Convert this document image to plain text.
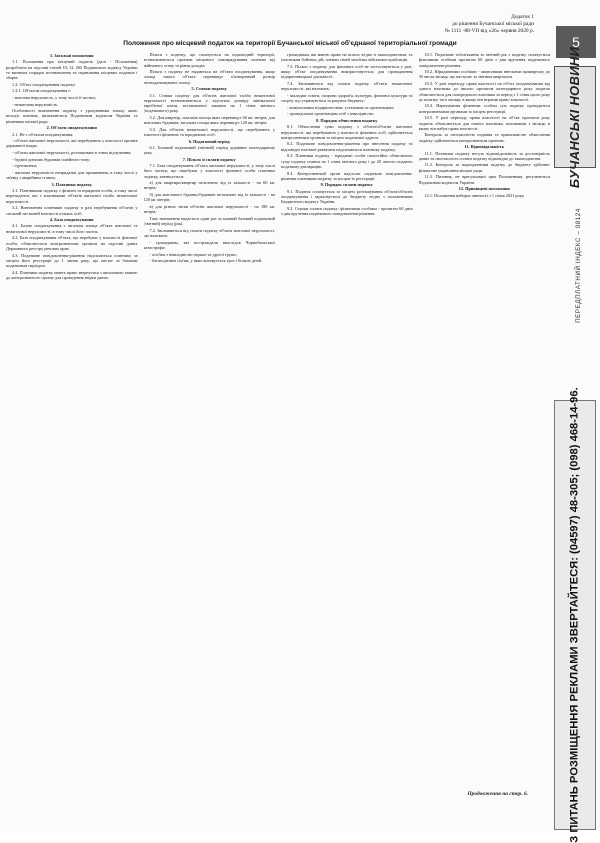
Додаток 1
до рішення Бучанської міської ради
№ 1111 -88-VІІ від «26» червня 2020 р.
Положення про місцевий податок на території Бучанської міської об'єднаної територіальної громади

1. Загальні положення

1.1. Положення про місцевий податок (далі - Положення) розроблено на підставі статей 10, 12, 265 Податкового кодексу України та визначає порядок встановлення та справляння місцевих податків і зборів.

1.2. Об'єкт оподаткування податку:

1.2.1. Об'єктом оподаткування є:

- житлова нерухомість, у тому числі її частки;

- нежитлова нерухомість.

Особливості визначення податку з урахуванням площі, якою володіє платник, визначаються Податковим кодексом України та рішенням міської ради.

2. Об'єкти оподаткування

2.1. Не є об'єктом оподаткування:

- об'єкти житлової нерухомості, які перебувають у власності органів державної влади;

- об'єкти житлової нерухомості, розташовані в зонах відчуження;

- будівлі дитячих будинків сімейного типу;

- гуртожитки;

- житлова нерухомість непридатна для проживання, в тому числі у зв'язку з аварійним станом.

3. Платники податку

3.1. Платниками податку є фізичні та юридичні особи, в тому числі нерезиденти, які є власниками об'єктів житлової та/або нежитлової нерухомості.

3.2. Визначення платників податку в разі перебування об'єктів у спільній частковій власності кількох осіб.

4. База оподаткування

4.1. Базою оподаткування є загальна площа об'єкта житлової та нежитлової нерухомості, в тому числі його часток.

4.2. База оподаткування об'єкта, що перебуває у власності фізичної особи, обчислюється контролюючим органом на підставі даних Державного реєстру речових прав.

4.3. Податкове повідомлення-рішення надсилається платнику за місцем його реєстрації до 1 липня року, що настає за базовим податковим періодом.

4.4. Платники податку мають право звернутися з письмовою заявою до контролюючого органу для проведення звірки даних.

Пільги з податку, що сплачується на відповідній території, встановлюються органом місцевого самоврядування залежно від майнового стану та рівня доходів.

Пільги з податку не надаються на об'єкти оподаткування, якщо площа такого об'єкта перевищує п'ятикратний розмір неоподатковуваної площі.

5. Ставки податку

5.1. Ставки податку для об'єктів житлової та/або нежитлової нерухомості встановлюються у відсотках розміру мінімальної заробітної плати, встановленої законом на 1 січня звітного (податкового) року.

5.2. Для квартир, загальна площа яких перевищує 60 кв. метрів, для житлових будинків, загальна площа яких перевищує 120 кв. метрів.

5.3. Для об'єктів нежитлової нерухомості, що перебувають у власності фізичних та юридичних осіб.

6. Податковий період

6.1. Базовий податковий (звітний) період дорівнює календарному року.

7. Пільги зі сплати податку

7.1. База оподаткування об'єкта житлової нерухомості, у тому числі його частки, що перебуває у власності фізичної особи платника податку, зменшується:

а) для квартири/квартир незалежно від їх кількості - на 60 кв. метрів;

б) для житлового будинку/будинків незалежно від їх кількості - на 120 кв. метрів;

в) для різних типів об'єктів житлової нерухомості - на 180 кв. метрів.

Таке зменшення надається один раз за кожний базовий податковий (звітний) період (рік).

7.2. Звільняються від сплати податку об'єкти житлової нерухомості, що належать:

- громадянам, які постраждали внаслідок Чорнобильської катастрофи;

- особам з інвалідністю першої та другої групи;

- багатодітним сім'ям, у яких виховується троє і більше дітей.

громадянам, які мають право на пільги згідно із законодавством, та учасникам бойових дій, членам сімей загиблих військовослужбовців.

7.3. Пільги з податку для фізичних осіб не застосовуються у разі, якщо об'єкт оподаткування використовується для провадження підприємницької діяльності.

7.4. Звільняються від сплати податку об'єкти нежитлової нерухомості, які належать:

- закладам освіти, охорони здоров'я, культури, фізичної культури та спорту, що утримуються за рахунок бюджету;

- комунальним підприємствам, установам та організаціям;

- громадським організаціям осіб з інвалідністю.

8. Порядок обчислення податку

8.1. Обчислення суми податку з об'єкта/об'єктів житлової нерухомості, які перебувають у власності фізичних осіб, здійснюється контролюючим органом за місцем податкової адреси.

8.2. Податкове повідомлення-рішення про внесення податку та відповідні платіжні реквізити надсилаються платнику податку.

8.3. Платники податку - юридичні особи самостійно обчислюють суму податку станом на 1 січня звітного року і до 20 лютого подають податкову декларацію.

8.4. Контролюючий орган надсилає податкові повідомлення-рішення платникам податку за місцем їх реєстрації.

9. Порядок сплати податку

9.1. Податок сплачується за місцем розташування об'єкта/об'єктів оподаткування і зараховується до бюджету згідно з положеннями Бюджетного кодексу України.

9.2. Строки сплати податку: фізичними особами - протягом 60 днів з дня вручення податкового повідомлення-рішення.

10.1. Податкове зобов'язання за звітний рік з податку сплачується фізичними особами протягом 60 днів з дня вручення податкового повідомлення-рішення.

10.2. Юридичними особами - авансовими внесками щокварталу до 30 числа місяця, що наступає за звітним кварталом.

10.3. У разі переходу права власності на об'єкт оподаткування від одного власника до іншого протягом календарного року податок обчислюється для попереднього власника за період з 1 січня цього року до початку того місяця, в якому він втратив право власності.

10.4. Нарахування фізичним особам сум податку проводиться контролюючими органами за місцем реєстрації.

10.5. У разі переходу права власності на об'єкт протягом року податок обчислюється для нового власника, починаючи з місяця, в якому він набув право власності.

Контроль за своєчасністю подання та правильністю обчислення податку здійснюється контролюючим органом.

11. Відповідальність

11.1. Платники податку несуть відповідальність за достовірність даних та своєчасність сплати податку відповідно до законодавства.

11.2. Контроль за надходженням податку до бюджету здійснює фінансове управління міської ради.

11.3. Питання, не врегульовані цим Положенням, регулюються Податковим кодексом України.

12. Прикінцеві положення

12.1. Положення набирає чинності з 1 січня 2021 року.

Продовження на стор. 6.
5
БУЧАНСЬКІ НОВИНИ
ПЕРЕДПЛАТНИЙ ІНДЕКС – 08124
З ПИТАНЬ РОЗМІЩЕННЯ РЕКЛАМИ ЗВЕРТАЙТЕСЯ: (04597) 48-305; (098) 468-14-96.
